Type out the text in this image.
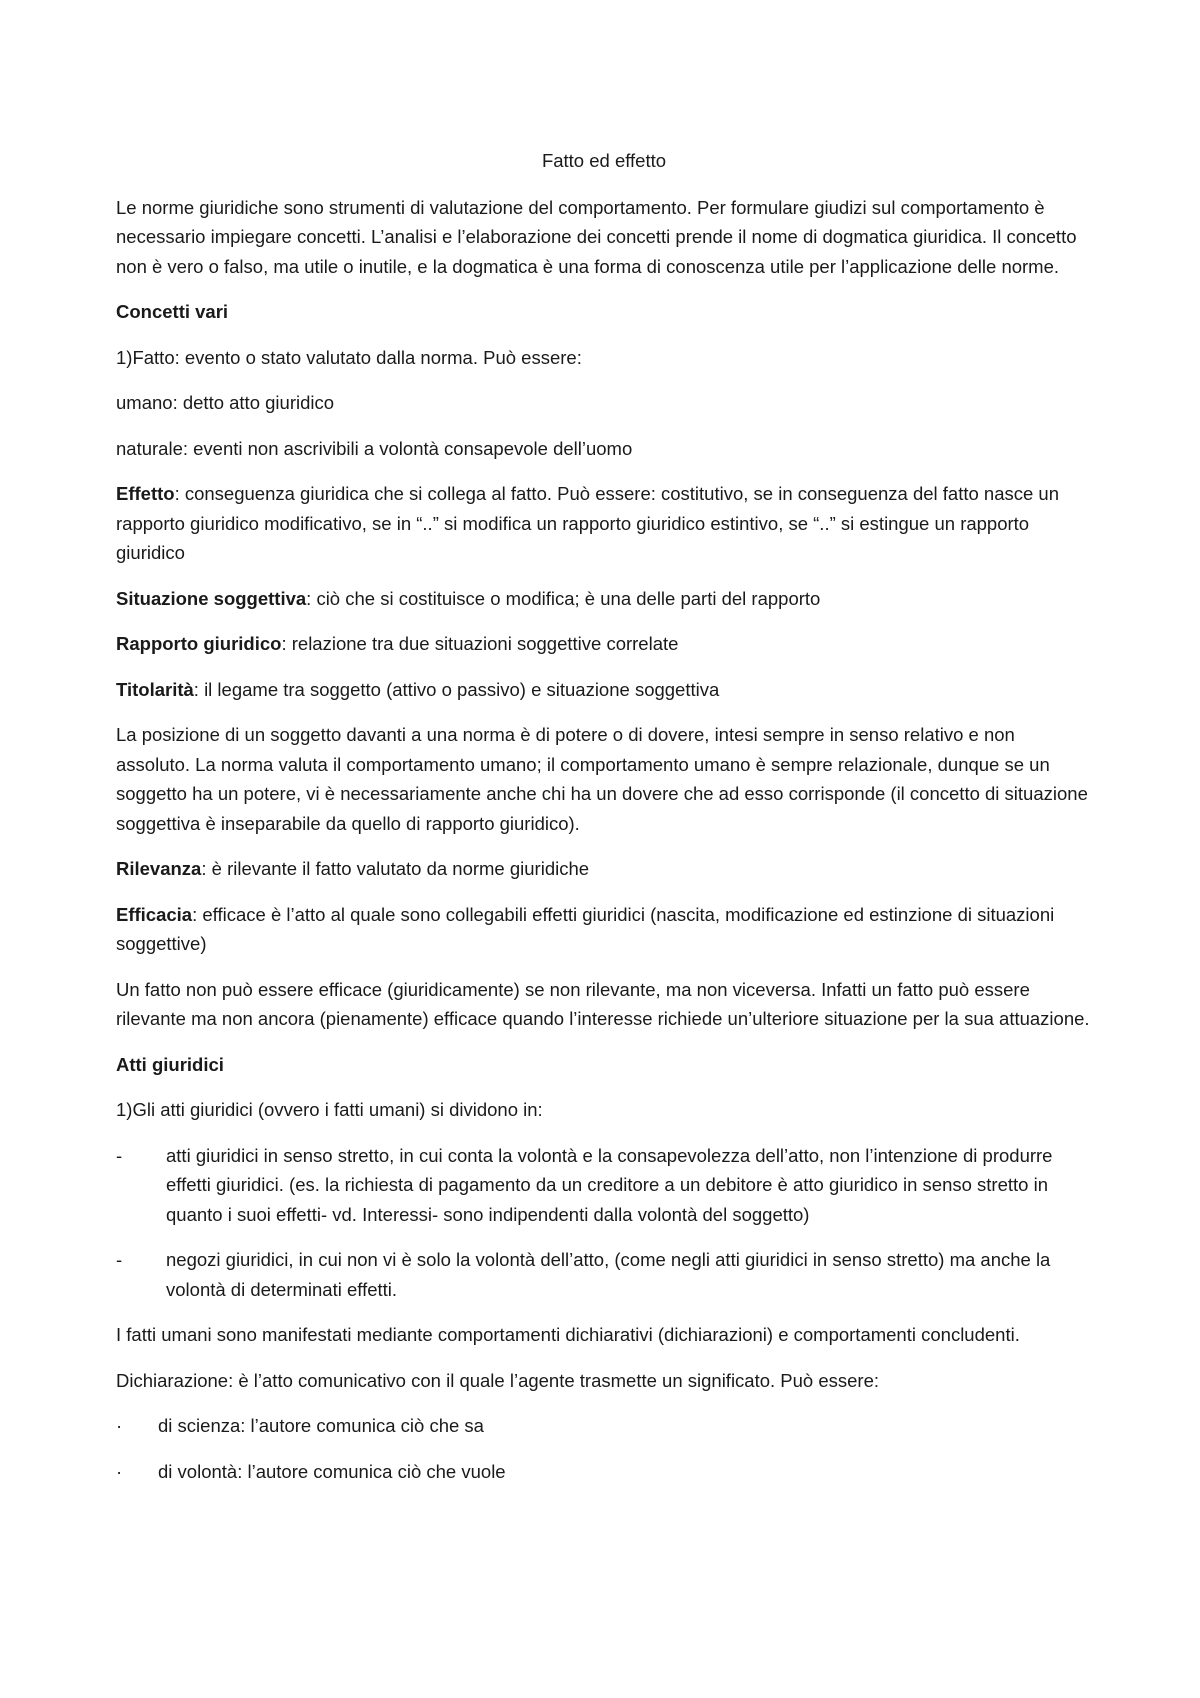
Fatto ed effetto

Le norme giuridiche sono strumenti di valutazione del comportamento. Per formulare giudizi sul comportamento è necessario impiegare concetti. L’analisi e l’elaborazione dei concetti prende il nome di dogmatica giuridica. Il concetto non è vero o falso, ma utile o inutile, e la dogmatica è una forma di conoscenza utile per l’applicazione delle norme.

Concetti vari

1)Fatto: evento o stato valutato dalla norma. Può essere:

umano: detto atto giuridico

naturale: eventi non ascrivibili a volontà consapevole dell’uomo

Effetto: conseguenza giuridica che si collega al fatto. Può essere: costitutivo, se in conseguenza del fatto nasce un rapporto giuridico modificativo, se in “..” si modifica un rapporto giuridico estintivo, se “..” si estingue un rapporto giuridico

Situazione soggettiva: ciò che si costituisce o modifica; è una delle parti del rapporto

Rapporto giuridico: relazione tra due situazioni soggettive correlate

Titolarità: il legame tra soggetto (attivo o passivo) e situazione soggettiva

La posizione di un soggetto davanti a una norma è di potere o di dovere, intesi sempre in senso relativo e non assoluto. La norma valuta il comportamento umano; il comportamento umano è sempre relazionale, dunque se un soggetto ha un potere, vi è necessariamente anche chi ha un dovere che ad esso corrisponde (il concetto di situazione soggettiva è inseparabile da quello di rapporto giuridico).

Rilevanza: è rilevante il fatto valutato da norme giuridiche

Efficacia: efficace è l’atto al quale sono collegabili effetti giuridici (nascita, modificazione ed estinzione di situazioni soggettive)

Un fatto non può essere efficace (giuridicamente) se non rilevante, ma non viceversa. Infatti un fatto può essere rilevante ma non ancora (pienamente) efficace quando l’interesse richiede un’ulteriore situazione per la sua attuazione.

Atti giuridici

1)Gli atti giuridici (ovvero i fatti umani) si dividono in:

-	atti giuridici in senso stretto, in cui conta la volontà e la consapevolezza dell’atto, non l’intenzione di produrre effetti giuridici. (es. la richiesta di pagamento da un creditore a un debitore è atto giuridico in senso stretto in quanto i suoi effetti- vd. Interessi- sono indipendenti dalla volontà del soggetto)
-	negozi giuridici, in cui non vi è solo la volontà dell’atto, (come negli atti giuridici in senso stretto) ma anche la volontà di determinati effetti.

I fatti umani sono manifestati mediante comportamenti dichiarativi (dichiarazioni) e comportamenti concludenti.

Dichiarazione: è l’atto comunicativo con il quale l’agente trasmette un significato. Può essere:

·	di scienza: l’autore comunica ciò che sa
·	di volontà: l’autore comunica ciò che vuole
